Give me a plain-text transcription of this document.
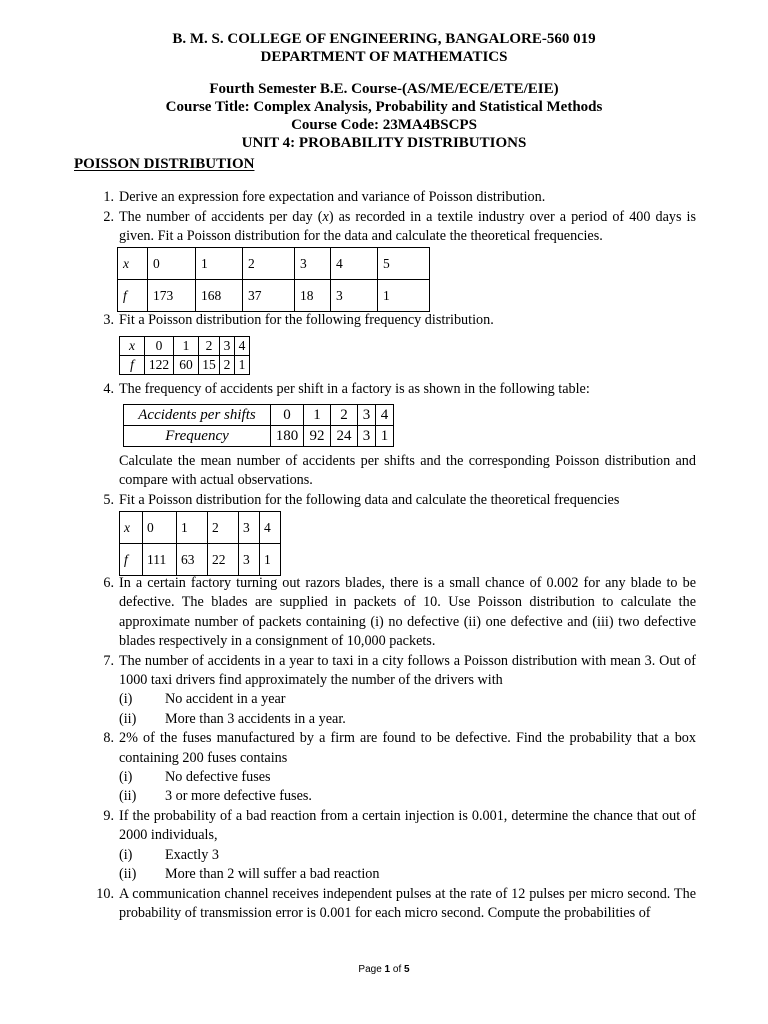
B. M. S. COLLEGE OF ENGINEERING, BANGALORE-560 019

DEPARTMENT OF MATHEMATICS

Fourth Semester B.E. Course-(AS/ME/ECE/ETE/EIE)

Course Title: Complex Analysis, Probability and Statistical Methods

Course Code: 23MA4BSCPS

UNIT 4: PROBABILITY DISTRIBUTIONS

POISSON DISTRIBUTION
1. Derive an expression fore expectation and variance of Poisson distribution.
2. The number of accidents per day (x) as recorded in a textile industry over a period of 400 days is given. Fit a Poisson distribution for the data and calculate the theoretical frequencies.
x	0	1	2	3	4	5
f	173	168	37	18	3	1
3. Fit a Poisson distribution for the following frequency distribution.
x	0	1	2	3	4
f	122	60	15	2	1
4. The frequency of accidents per shift in a factory is as shown in the following table:
Accidents per shifts	0	1	2	3	4
Frequency	180	92	24	3	1
Calculate the mean number of accidents per shifts and the corresponding Poisson distribution and compare with actual observations.
5. Fit a Poisson distribution for the following data and calculate the theoretical frequencies
x	0	1	2	3	4
f	111	63	22	3	1
6. In a certain factory turning out razors blades, there is a small chance of 0.002 for any blade to be defective. The blades are supplied in packets of 10. Use Poisson distribution to calculate the approximate number of packets containing (i) no defective (ii) one defective and (iii) two defective blades respectively in a consignment of 10,000 packets.
7. The number of accidents in a year to taxi in a city follows a Poisson distribution with mean 3. Out of 1000 taxi drivers find approximately the number of the drivers with
(i) No accident in a year
(ii) More than 3 accidents in a year.
8. 2% of the fuses manufactured by a firm are found to be defective. Find the probability that a box containing 200 fuses contains
(i) No defective fuses
(ii) 3 or more defective fuses.
9. If the probability of a bad reaction from a certain injection is 0.001, determine the chance that out of 2000 individuals,
(i) Exactly 3
(ii) More than 2 will suffer a bad reaction
10. A communication channel receives independent pulses at the rate of 12 pulses per micro second. The probability of transmission error is 0.001 for each micro second. Compute the probabilities of
Page 1 of 5
